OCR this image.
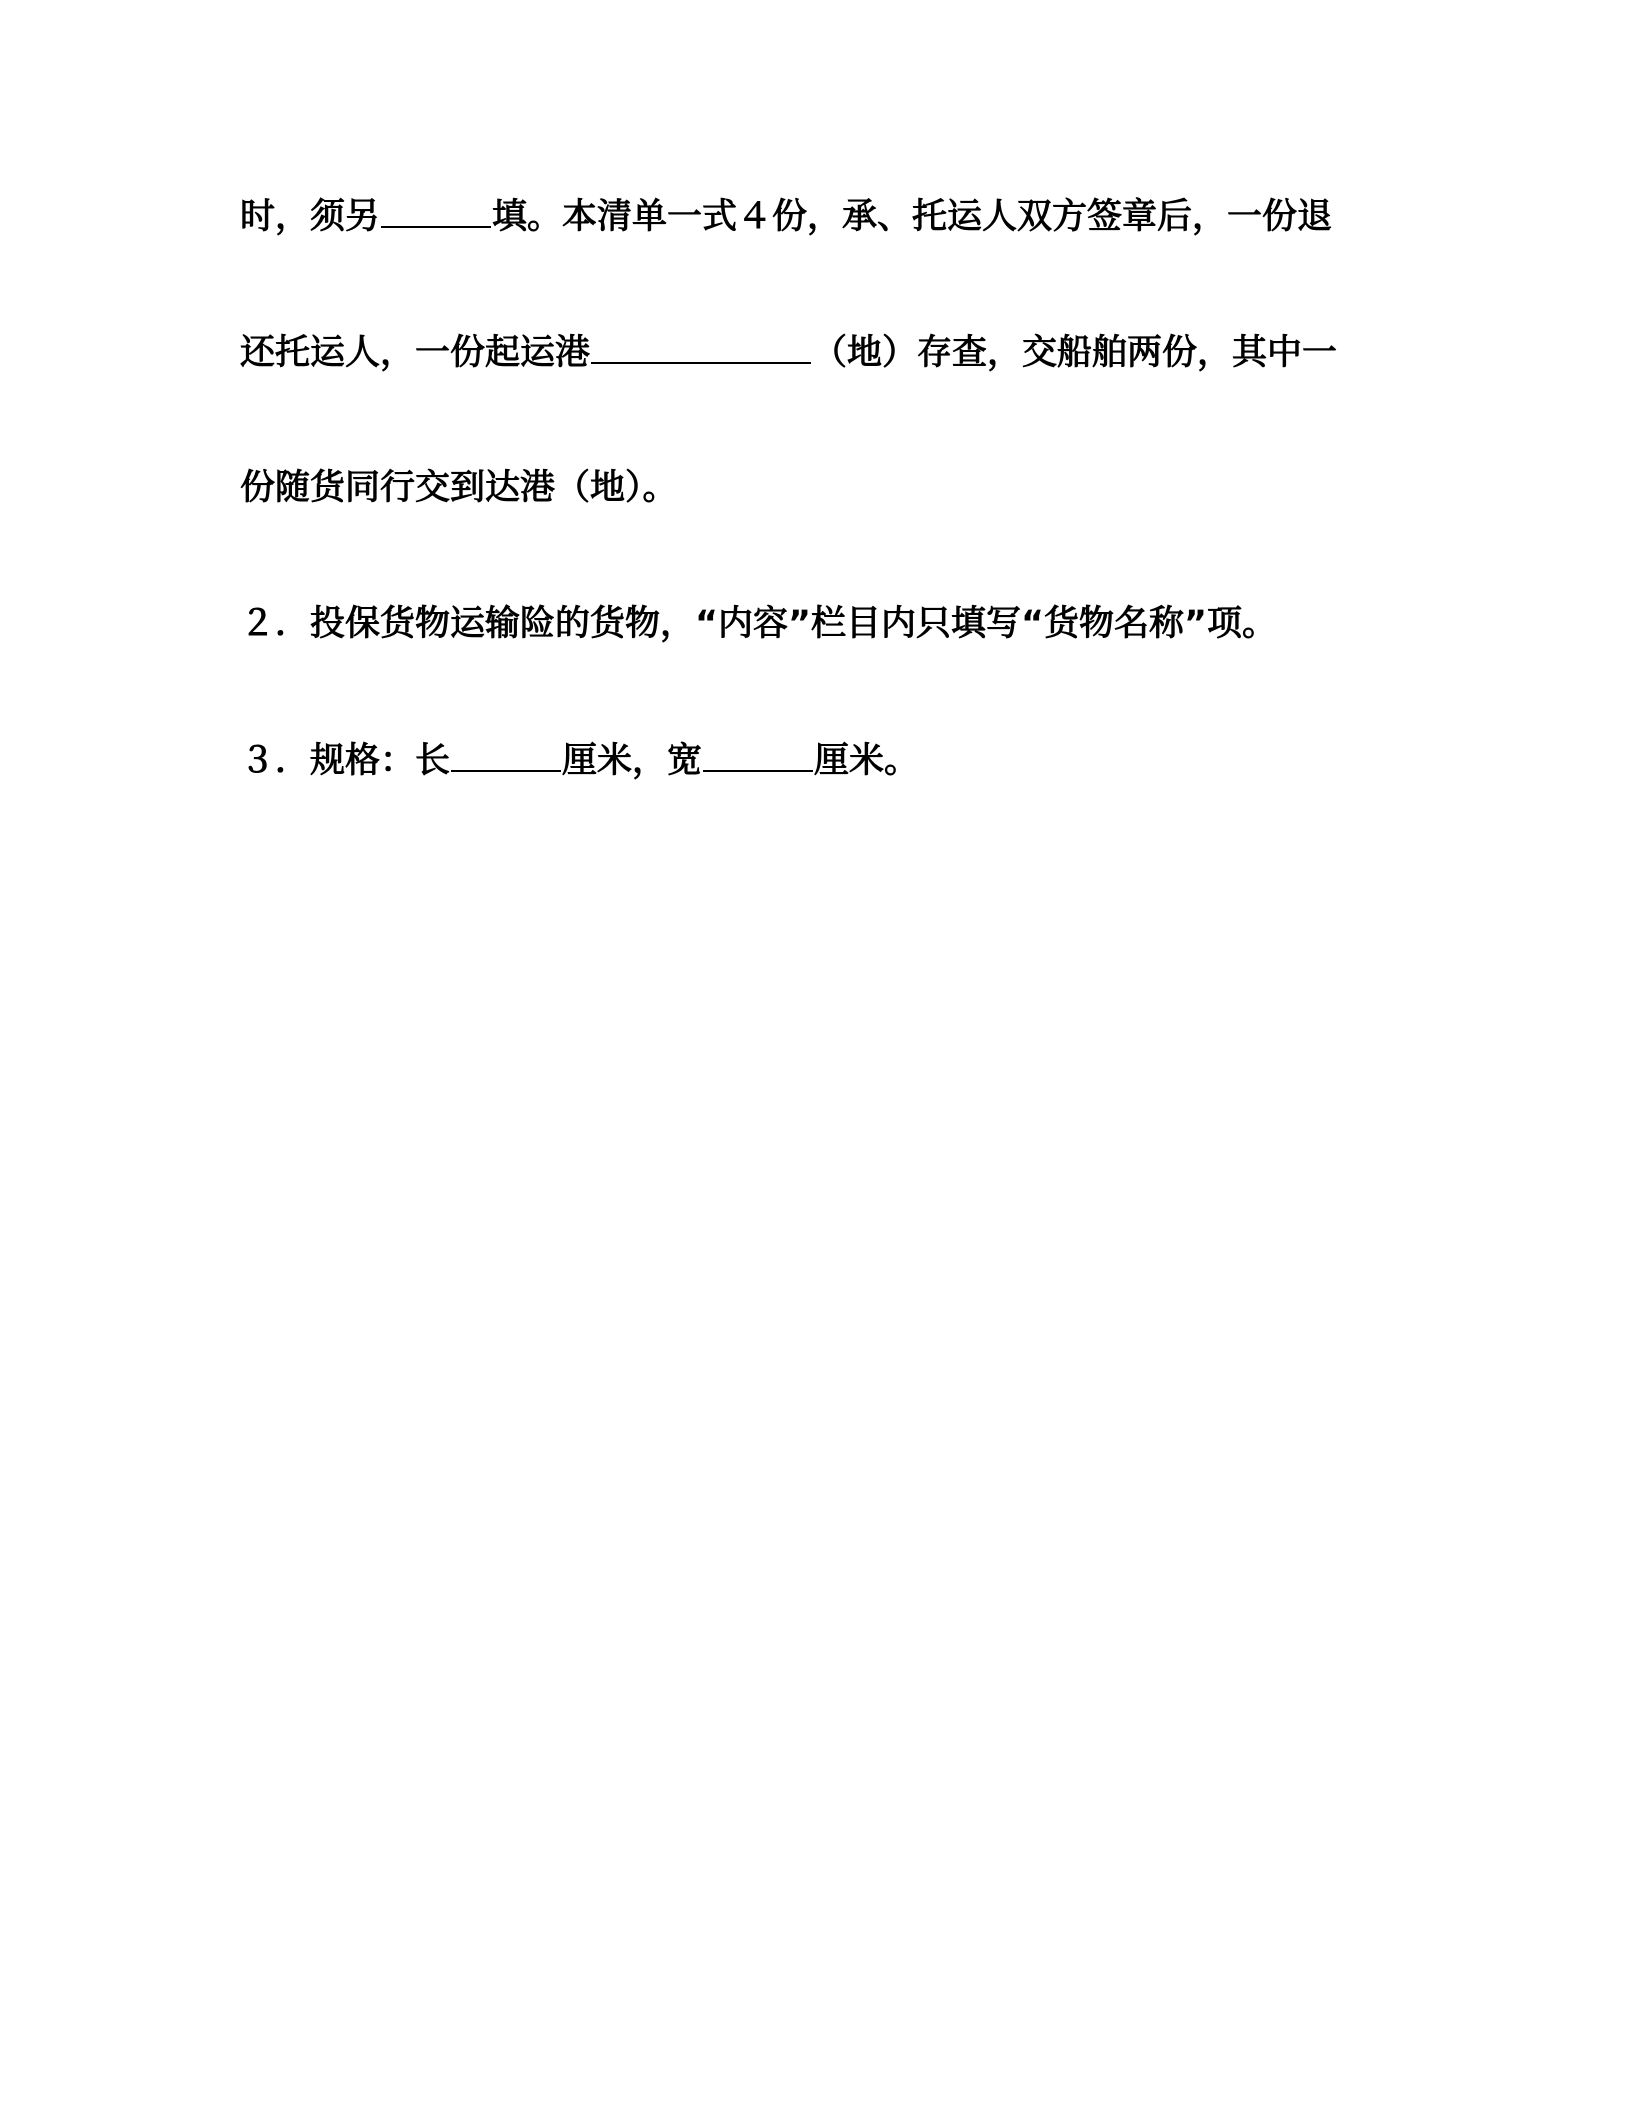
时，须另	填。本清单一式４份，承、托运人双方签章后，一份退
还托运人，一份起运港	（地）存查，交船舶两份，其中一
份随货同行交到达港（地）。
２．投保货物运输险的货物，“内容”栏目内只填写“货物名称”项。
３．规格：长	厘米，宽	厘米。
